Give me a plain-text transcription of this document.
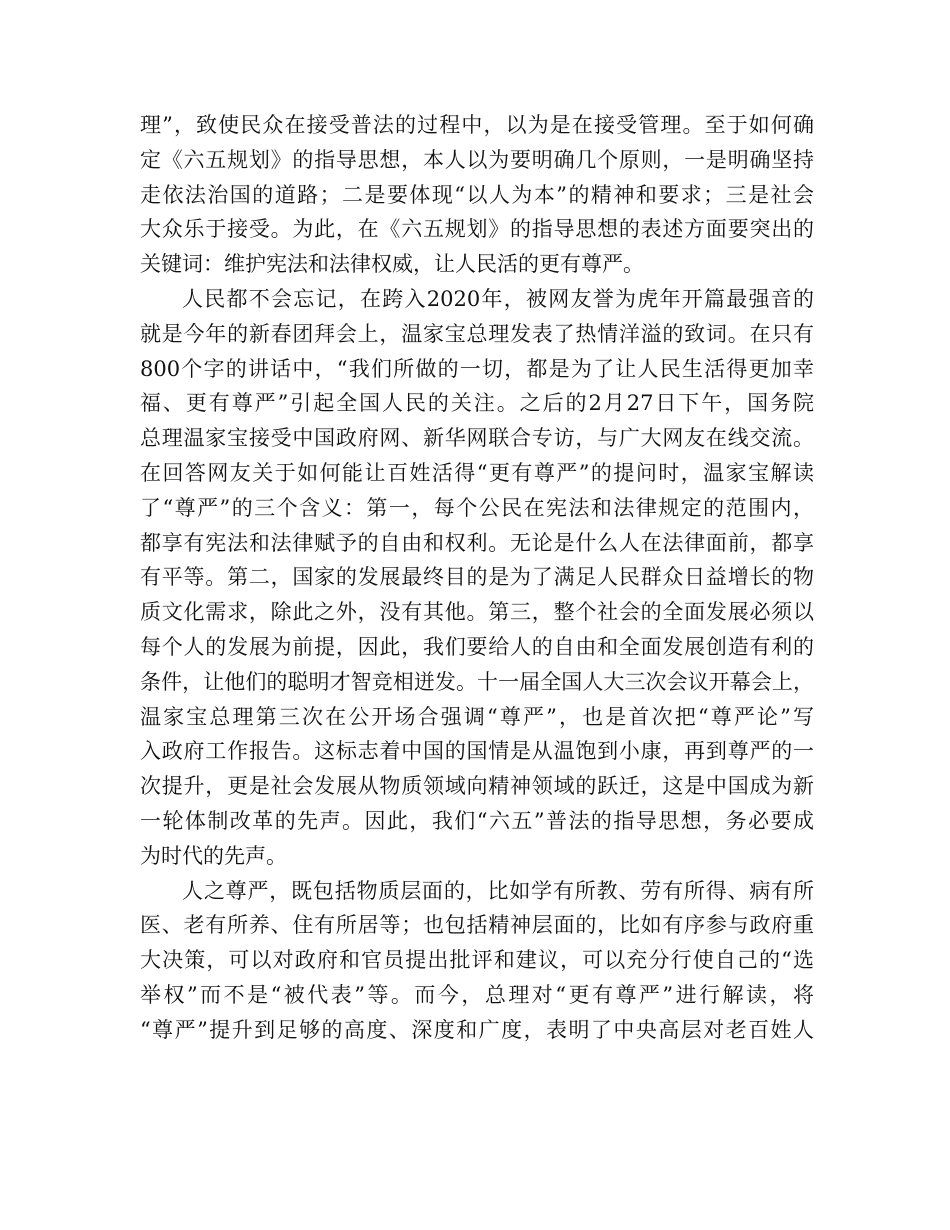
理”，致使民众在接受普法的过程中，以为是在接受管理。至于如何确
定《六五规划》的指导思想，本人以为要明确几个原则，一是明确坚持
走依法治国的道路；二是要体现“以人为本”的精神和要求；三是社会
大众乐于接受。为此，在《六五规划》的指导思想的表述方面要突出的
关键词：维护宪法和法律权威，让人民活的更有尊严。
人民都不会忘记，在跨入2020年，被网友誉为虎年开篇最强音的
就是今年的新春团拜会上，温家宝总理发表了热情洋溢的致词。在只有
800个字的讲话中，“我们所做的一切，都是为了让人民生活得更加幸
福、更有尊严”引起全国人民的关注。之后的2月27日下午，国务院
总理温家宝接受中国政府网、新华网联合专访，与广大网友在线交流。
在回答网友关于如何能让百姓活得“更有尊严”的提问时，温家宝解读
了“尊严”的三个含义：第一，每个公民在宪法和法律规定的范围内，
都享有宪法和法律赋予的自由和权利。无论是什么人在法律面前，都享
有平等。第二，国家的发展最终目的是为了满足人民群众日益增长的物
质文化需求，除此之外，没有其他。第三，整个社会的全面发展必须以
每个人的发展为前提，因此，我们要给人的自由和全面发展创造有利的
条件，让他们的聪明才智竞相迸发。十一届全国人大三次会议开幕会上，
温家宝总理第三次在公开场合强调“尊严”，也是首次把“尊严论”写
入政府工作报告。这标志着中国的国情是从温饱到小康，再到尊严的一
次提升，更是社会发展从物质领域向精神领域的跃迁，这是中国成为新
一轮体制改革的先声。因此，我们“六五”普法的指导思想，务必要成
为时代的先声。
人之尊严，既包括物质层面的，比如学有所教、劳有所得、病有所
医、老有所养、住有所居等；也包括精神层面的，比如有序参与政府重
大决策，可以对政府和官员提出批评和建议，可以充分行使自己的“选
举权”而不是“被代表”等。而今，总理对“更有尊严”进行解读，将
“尊严”提升到足够的高度、深度和广度，表明了中央高层对老百姓人
